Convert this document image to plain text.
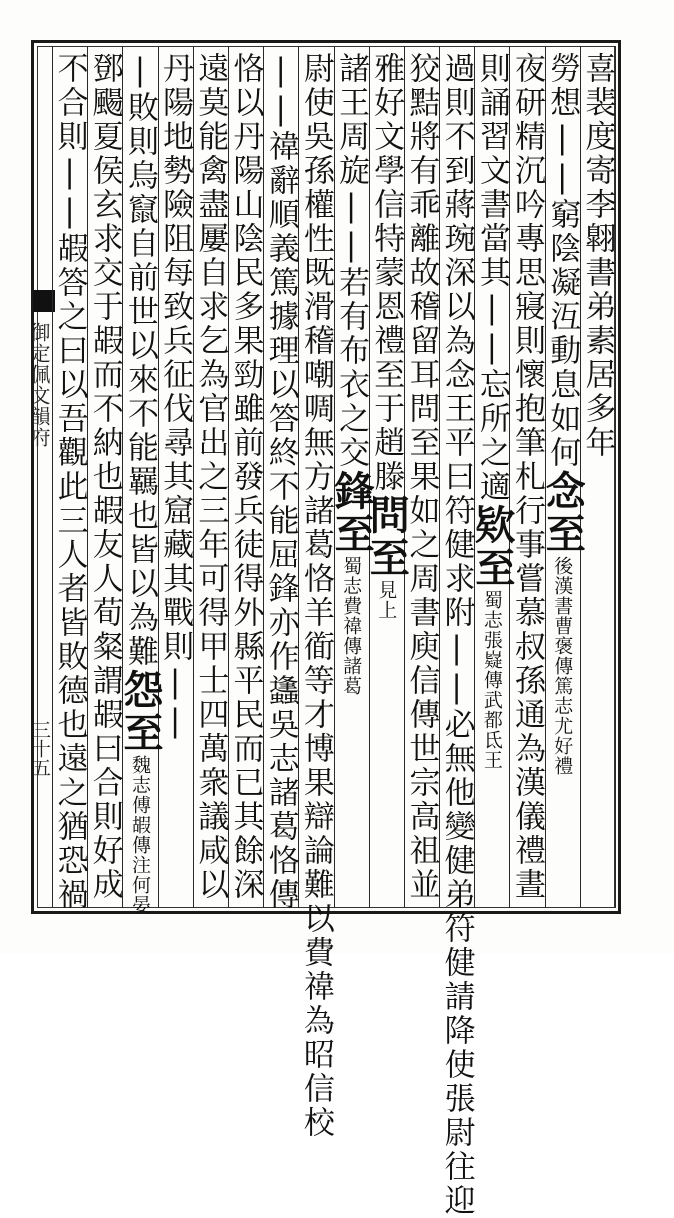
御定佩文韻府
三十五
喜裴度寄李翺書弟素居多年
勞想||窮陰凝沍動息如何念至後漢書曹褒傳篤志尤好禮
夜研精沉吟專思寢則懷抱筆札行事嘗慕叔孫通為漢儀禮晝
則誦習文書當其||忘所之適欵至蜀志張嶷傳武都氐王
過則不到蔣琬深以為念王平曰符健求附||必無他變健弟符健請降使張尉往迎
狡黠將有乖離故稽留耳問至果如之周書庾信傳世宗高祖並
雅好文學信特蒙恩禮至于趙滕問至見上
諸王周旋||若有布衣之交鋒至蜀志費禕傳諸葛
尉使吳孫權性既滑稽嘲啁無方諸葛恪羊衜等才博果辯論難以費禕為昭信校
||禕辭順義篤據理以答終不能屈鋒亦作蠭吳志諸葛恪傳
恪以丹陽山陰民多果勁雖前發兵徒得外縣平民而已其餘深
遠莫能禽盡屢自求乞為官出之三年可得甲士四萬衆議咸以
丹陽地勢險阻每致兵征伐尋其窟藏其戰則||
|敗則烏竄自前世以來不能羈也皆以為難怨至魏志傅嘏傳注何晏
鄧颺夏侯玄求交于嘏而不納也嘏友人荀粲謂嘏曰合則好成
不合則||嘏答之曰以吾觀此三人者皆敗德也遠之猶恐禍
